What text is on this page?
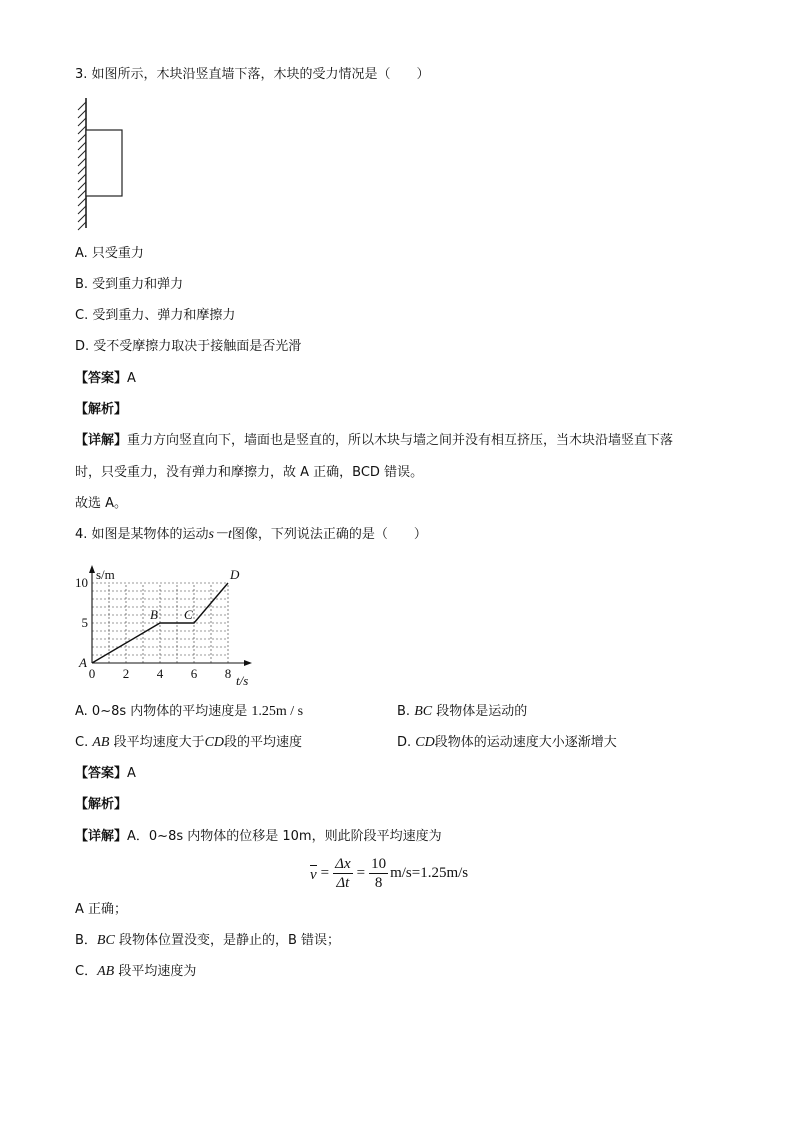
3. 如图所示，木块沿竖直墙下落，木块的受力情况是（　　）
A. 只受重力
B. 受到重力和弹力
C. 受到重力、弹力和摩擦力
D. 受不受摩擦力取决于接触面是否光滑
【答案】A
【解析】
【详解】重力方向竖直向下，墙面也是竖直的，所以木块与墙之间并没有相互挤压，当木块沿墙竖直下落
时，只受重力，没有弹力和摩擦力，故 A 正确，BCD 错误。
故选 A。
4. 如图是某物体的运动s－t图像，下列说法正确的是（　　）
0 2 4 6 8
5
10
s/m
t/s
A
B C
D
A. 0~8s 内物体的平均速度是 1.25m / s	B. BC 段物体是运动的
C. AB 段平均速度大于CD段的平均速度	D. CD段物体的运动速度大小逐渐增大
【答案】A
【解析】
【详解】A．0~8s 内物体的位移是 10m，则此阶段平均速度为
$v = \frac{\Delta x}{\Delta t} = \frac{10}{8} m/s=1.25m/s$
A 正确；
B．BC 段物体位置没变，是静止的，B 错误；
C．AB 段平均速度为
